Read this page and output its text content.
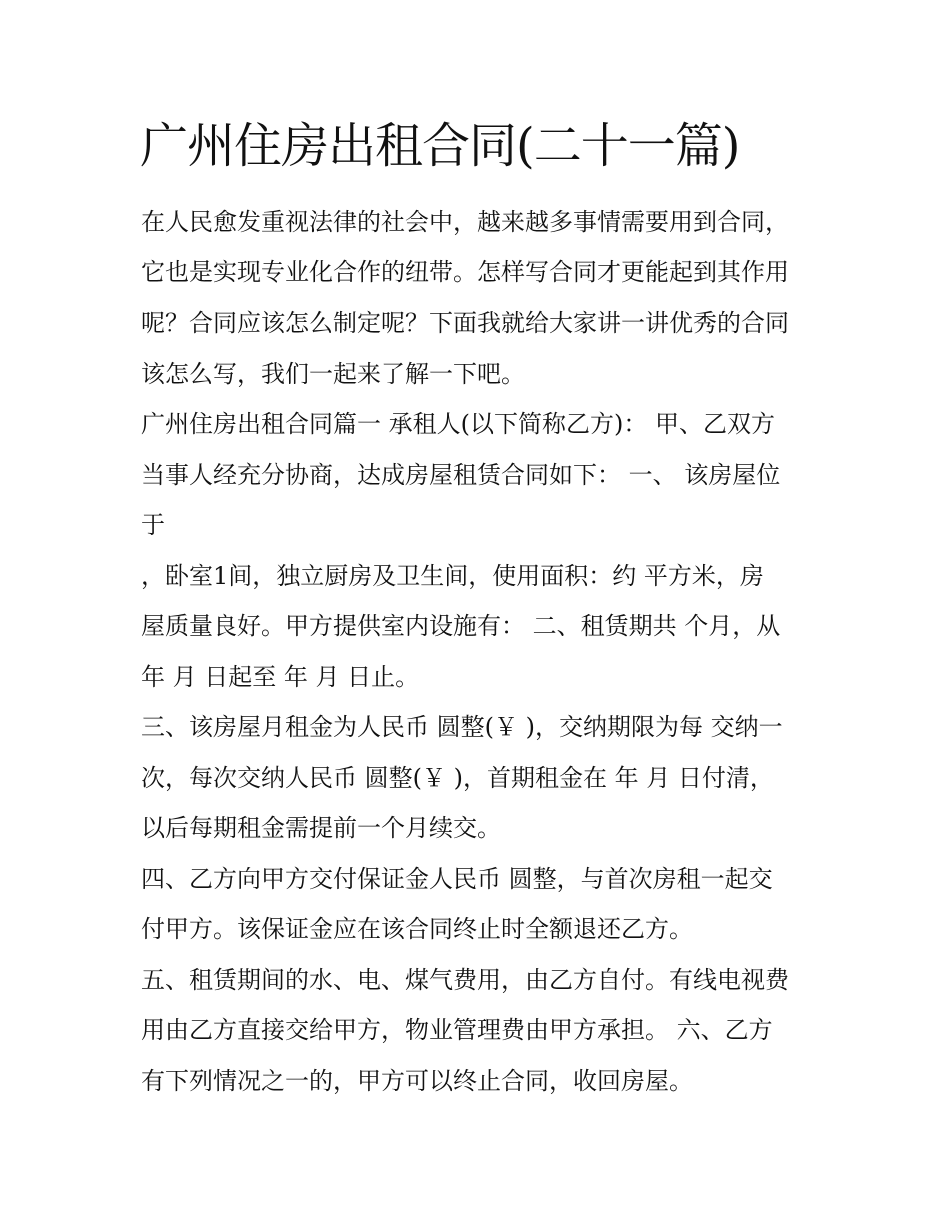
广州住房出租合同(二十一篇)

在人民愈发重视法律的社会中，越来越多事情需要用到合同，

它也是实现专业化合作的纽带。怎样写合同才更能起到其作用

呢？合同应该怎么制定呢？下面我就给大家讲一讲优秀的合同

该怎么写，我们一起来了解一下吧。

广州住房出租合同篇一 承租人(以下简称乙方)： 甲、乙双方

当事人经充分协商，达成房屋租赁合同如下： 一、 该房屋位

于

，卧室1间，独立厨房及卫生间，使用面积：约 平方米，房

屋质量良好。甲方提供室内设施有： 二、租赁期共 个月，从

年 月 日起至 年 月 日止。

三、该房屋月租金为人民币 圆整(￥ )，交纳期限为每 交纳一

次，每次交纳人民币 圆整(￥ )，首期租金在 年 月 日付清，

以后每期租金需提前一个月续交。

四、乙方向甲方交付保证金人民币 圆整，与首次房租一起交

付甲方。该保证金应在该合同终止时全额退还乙方。

五、租赁期间的水、电、煤气费用，由乙方自付。有线电视费

用由乙方直接交给甲方，物业管理费由甲方承担。 六、乙方

有下列情况之一的，甲方可以终止合同，收回房屋。
